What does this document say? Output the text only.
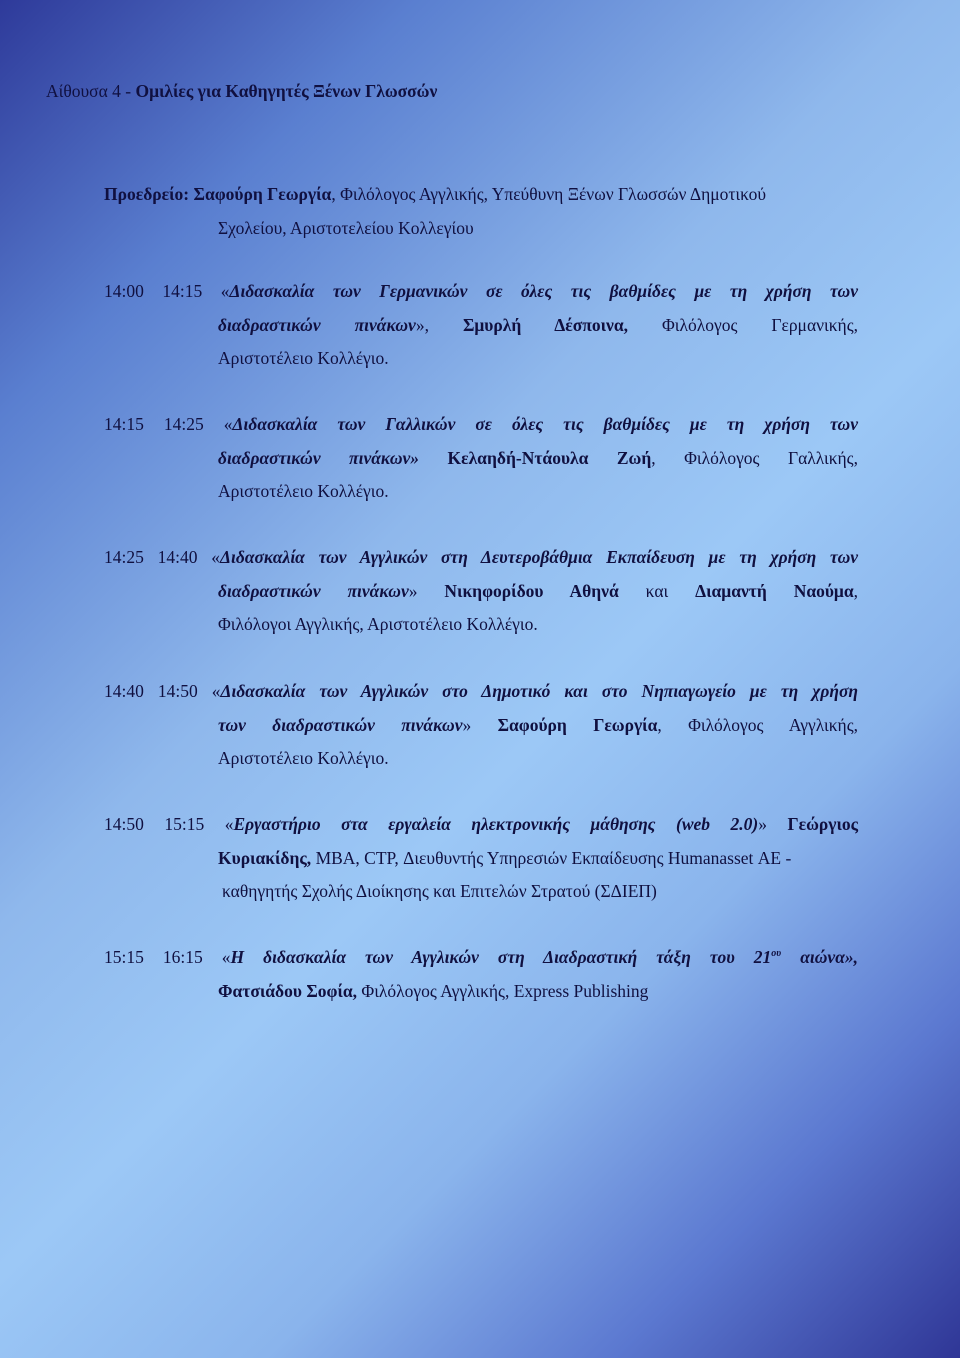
Αίθουσα 4 - Ομιλίες για Καθηγητές Ξένων Γλωσσών
Προεδρείο: Σαφούρη Γεωργία, Φιλόλογος Αγγλικής, Υπεύθυνη Ξένων Γλωσσών Δημοτικού
Σχολείου, Αριστοτελείου Κολλεγίου
14:00 14:15 «Διδασκαλία των Γερμανικών σε όλες τις βαθμίδες με τη χρήση των
διαδραστικών πινάκων», Σμυρλή Δέσποινα, Φιλόλογος Γερμανικής,
Αριστοτέλειο Κολλέγιο.
14:15 14:25 «Διδασκαλία των Γαλλικών σε όλες τις βαθμίδες με τη χρήση των
διαδραστικών πινάκων» Κελαηδή-Ντάουλα Ζωή, Φιλόλογος Γαλλικής,
Αριστοτέλειο Κολλέγιο.
14:25 14:40 «Διδασκαλία των Αγγλικών στη Δευτεροβάθμια Εκπαίδευση με τη χρήση των
διαδραστικών πινάκων» Νικηφορίδου Αθηνά και Διαμαντή Ναούμα,
Φιλόλογοι Αγγλικής, Αριστοτέλειο Κολλέγιο.
14:40 14:50 «Διδασκαλία των Αγγλικών στο Δημοτικό και στο Νηπιαγωγείο με τη χρήση
των διαδραστικών πινάκων» Σαφούρη Γεωργία, Φιλόλογος Αγγλικής,
Αριστοτέλειο Κολλέγιο.
14:50 15:15 «Εργαστήριο στα εργαλεία ηλεκτρονικής μάθησης (web 2.0)» Γεώργιος
Κυριακίδης, MBA, CTP, Διευθυντής Υπηρεσιών Εκπαίδευσης Humanasset ΑΕ -
καθηγητής Σχολής Διοίκησης και Επιτελών Στρατού (ΣΔΙΕΠ)
15:15 16:15 «Η διδασκαλία των Αγγλικών στη Διαδραστική τάξη του $21^{o\upsilon}$ αιώνα»,
Φατσιάδου Σοφία, Φιλόλογος Αγγλικής, Express Publishing
